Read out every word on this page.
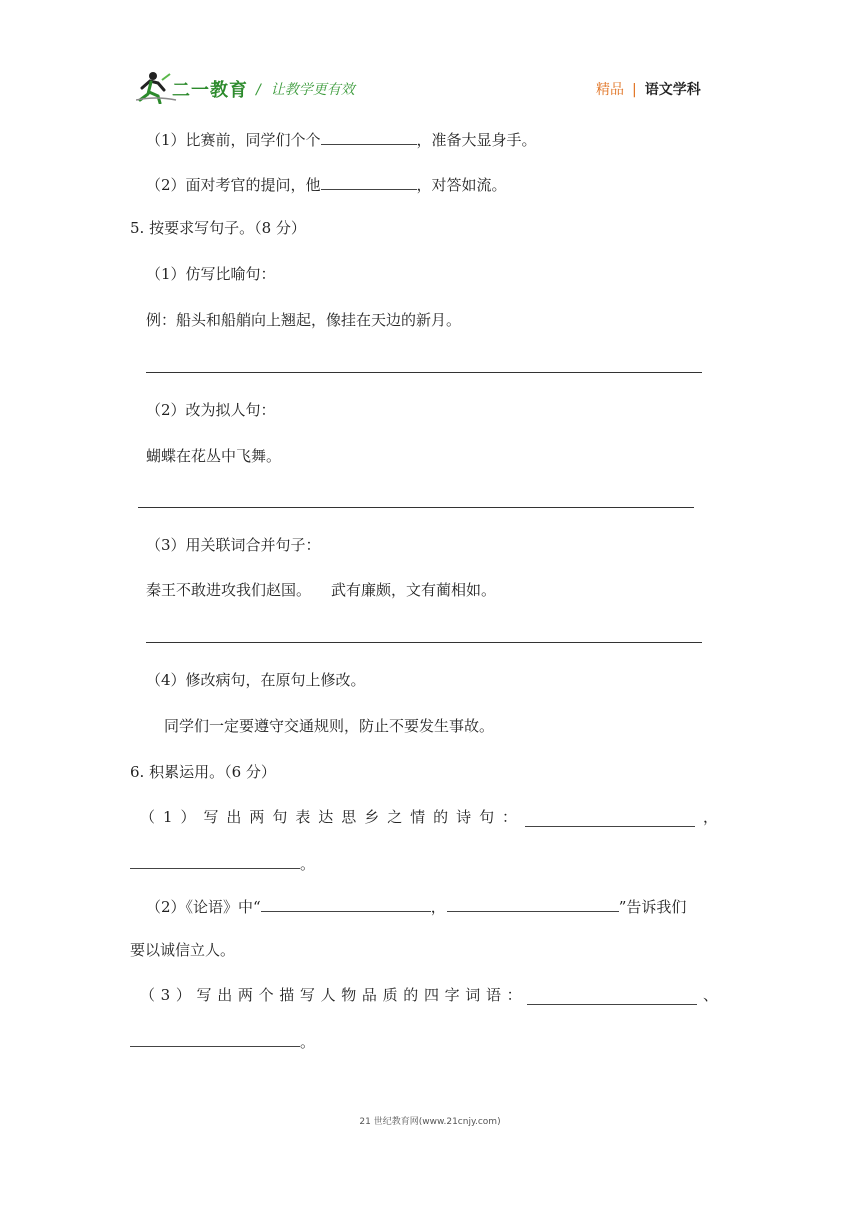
二一教育 / 让教学更有效	精品 | 语文学科
（1）比赛前，同学们个个	，准备大显身手。
（2）面对考官的提问，他	，对答如流。
5. 按要求写句子。（8 分）
（1）仿写比喻句：
例：船头和船艄向上翘起，像挂在天边的新月。
（2）改为拟人句：
蝴蝶在花丛中飞舞。
（3）用关联词合并句子：
秦王不敢进攻我们赵国。 武有廉颇，文有蔺相如。
（4）修改病句，在原句上修改。
同学们一定要遵守交通规则，防止不要发生事故。
6. 积累运用。（6 分）
（ 1 ） 写 出 两 句 表 达 思 乡 之 情 的 诗 句 ：	，
。
（2）《论语》中“	，	”告诉我们
要以诚信立人。
（ 3 ） 写 出 两 个 描 写 人 物 品 质 的 四 字 词 语 ：	、
。
21 世纪教育网(www.21cnjy.com)
